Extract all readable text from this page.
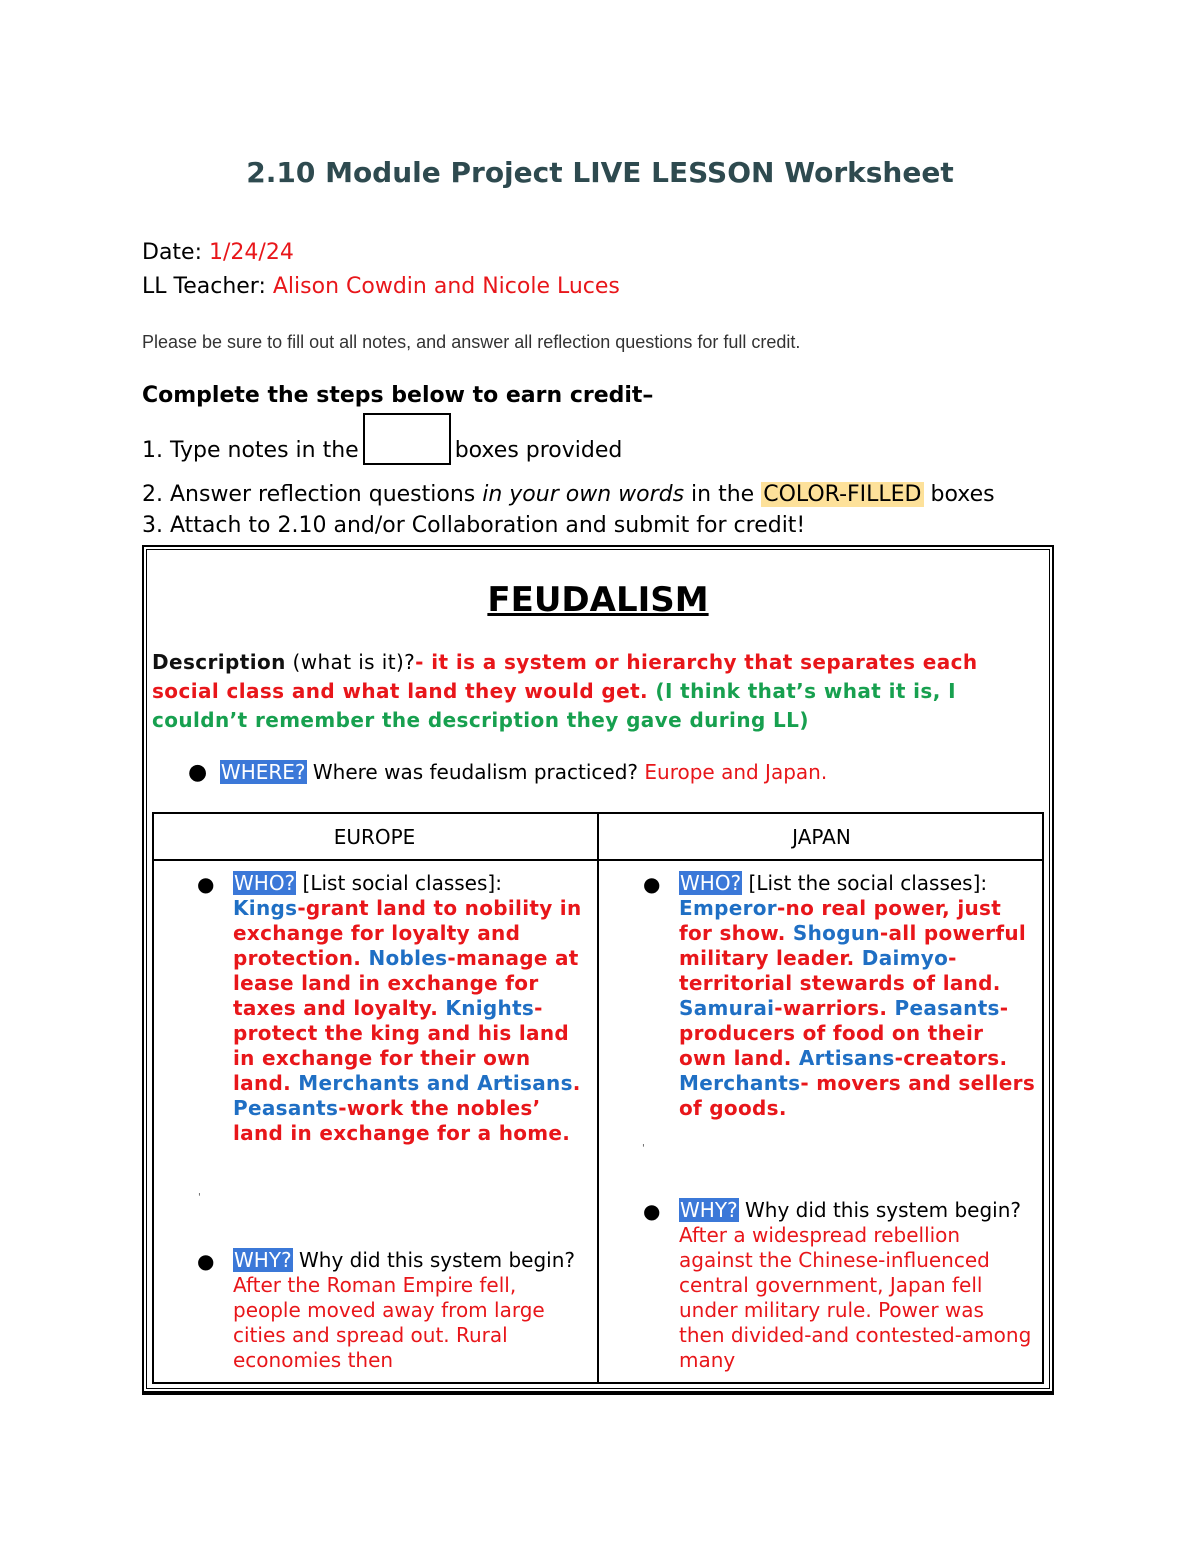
2.10 Module Project LIVE LESSON Worksheet
Date: 1/24/24
LL Teacher: Alison Cowdin and Nicole Luces
Please be sure to fill out all notes, and answer all reflection questions for full credit.
Complete the steps below to earn credit–
1. Type notes in the	boxes provided
2. Answer reflection questions in your own words in the COLOR-FILLED boxes
3. Attach to 2.10 and/or Collaboration and submit for credit!
FEUDALISM
Description (what is it)?- it is a system or hierarchy that separates each social class and what land they would get. (I think that’s what it is, I couldn’t remember the description they gave during LL)
● WHERE? Where was feudalism practiced? Europe and Japan.
EUROPE	JAPAN
● WHO? [List social classes]:
Kings-grant land to nobility in exchange for loyalty and protection. Nobles-manage at lease land in exchange for taxes and loyalty. Knights-protect the king and his land in exchange for their own land. Merchants and Artisans. Peasants-work the nobles’ land in exchange for a home.
'
● WHY? Why did this system begin? After the Roman Empire fell, people moved away from large cities and spread out. Rural economies then
● WHO? [List the social classes]:
Emperor-no real power, just for show. Shogun-all powerful military leader. Daimyo-territorial stewards of land. Samurai-warriors. Peasants-producers of food on their own land. Artisans-creators. Merchants- movers and sellers of goods.
'
● WHY? Why did this system begin? After a widespread rebellion against the Chinese-influenced central government, Japan fell under military rule. Power was then divided-and contested-among many
